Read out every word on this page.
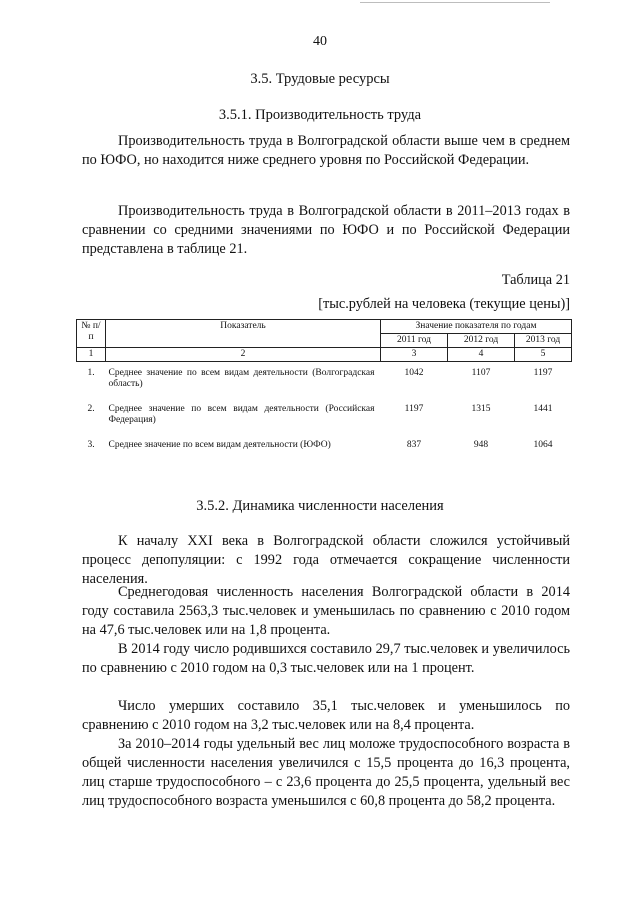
40
3.5. Трудовые ресурсы
3.5.1. Производительность труда

Производительность труда в Волгоградской области выше чем в среднем по ЮФО, но находится ниже среднего уровня по Российской Федерации.

Производительность труда в Волгоградской области в 2011–2013 годах в сравнении со средними значениями по ЮФО и по Российской Федерации представлена в таблице 21.

Таблица 21
[тыс.рублей на человека (текущие цены)]
№ п/п	Показатель	Значение показателя по годам		
		2011 год	2012 год	2013 год
1	2	3	4	5
1.	Среднее значение по всем видам деятельности (Волгоградская область)	1042	1107	1197
2.	Среднее значение по всем видам деятельности (Российская Федерация)	1197	1315	1441
3.	Среднее значение по всем видам деятельности (ЮФО)	837	948	1064
3.5.2. Динамика численности населения

К началу XXI века в Волгоградской области сложился устойчивый процесс депопуляции: с 1992 года отмечается сокращение численности населения.

Среднегодовая численность населения Волгоградской области в 2014 году составила 2563,3 тыс.человек и уменьшилась по сравнению с 2010 годом на 47,6 тыс.человек или на 1,8 процента.

В 2014 году число родившихся составило 29,7 тыс.человек и увеличилось по сравнению с 2010 годом на 0,3 тыс.человек или на 1 процент.

Число умерших составило 35,1 тыс.человек и уменьшилось по сравнению с 2010 годом на 3,2 тыс.человек или на 8,4 процента.

За 2010–2014 годы удельный вес лиц моложе трудоспособного возраста в общей численности населения увеличился с 15,5 процента до 16,3 процента, лиц старше трудоспособного – с 23,6 процента до 25,5 процента, удельный вес лиц трудоспособного возраста уменьшился с 60,8 процента до 58,2 процента.
